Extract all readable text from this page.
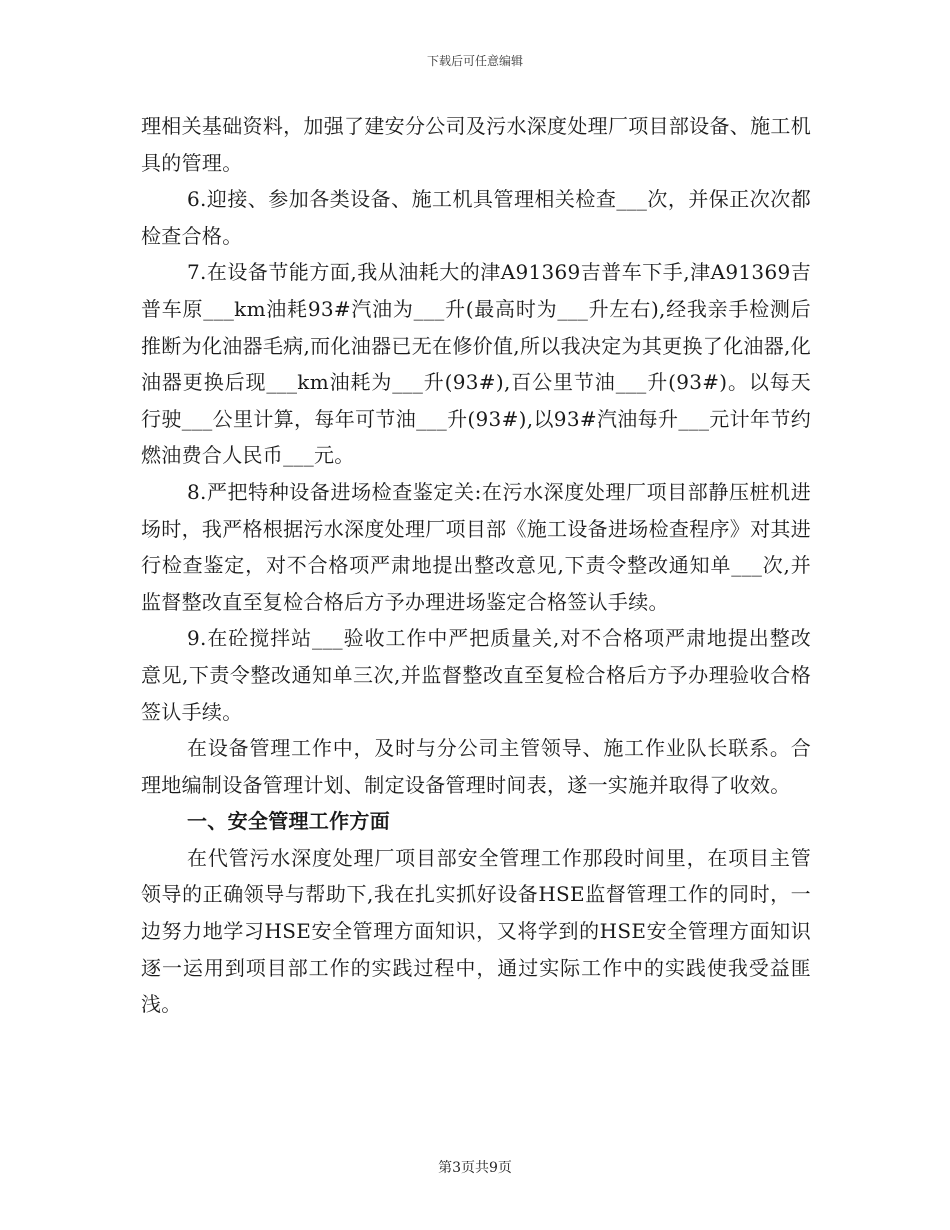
下载后可任意编辑

理相关基础资料，加强了建安分公司及污水深度处理厂项目部设备、施工机具的管理。

6.迎接、参加各类设备、施工机具管理相关检查___次，并保正次次都检查合格。

7.在设备节能方面,我从油耗大的津A91369吉普车下手,津A91369吉普车原___km油耗93#汽油为___升(最高时为___升左右),经我亲手检测后推断为化油器毛病,而化油器已无在修价值,所以我决定为其更换了化油器,化油器更换后现___km油耗为___升(93#),百公里节油___升(93#)。以每天行驶___公里计算，每年可节油___升(93#),以93#汽油每升___元计年节约燃油费合人民币___元。

8.严把特种设备进场检查鉴定关:在污水深度处理厂项目部静压桩机进场时，我严格根据污水深度处理厂项目部《施工设备进场检查程序》对其进行检查鉴定，对不合格项严肃地提出整改意见,下责令整改通知单___次,并监督整改直至复检合格后方予办理进场鉴定合格签认手续。

9.在砼搅拌站___验收工作中严把质量关,对不合格项严肃地提出整改意见,下责令整改通知单三次,并监督整改直至复检合格后方予办理验收合格签认手续。

在设备管理工作中，及时与分公司主管领导、施工作业队长联系。合理地编制设备管理计划、制定设备管理时间表，遂一实施并取得了收效。

一、安全管理工作方面

在代管污水深度处理厂项目部安全管理工作那段时间里，在项目主管领导的正确领导与帮助下,我在扎实抓好设备HSE监督管理工作的同时，一边努力地学习HSE安全管理方面知识，又将学到的HSE安全管理方面知识逐一运用到项目部工作的实践过程中，通过实际工作中的实践使我受益匪浅。

第3页共9页
